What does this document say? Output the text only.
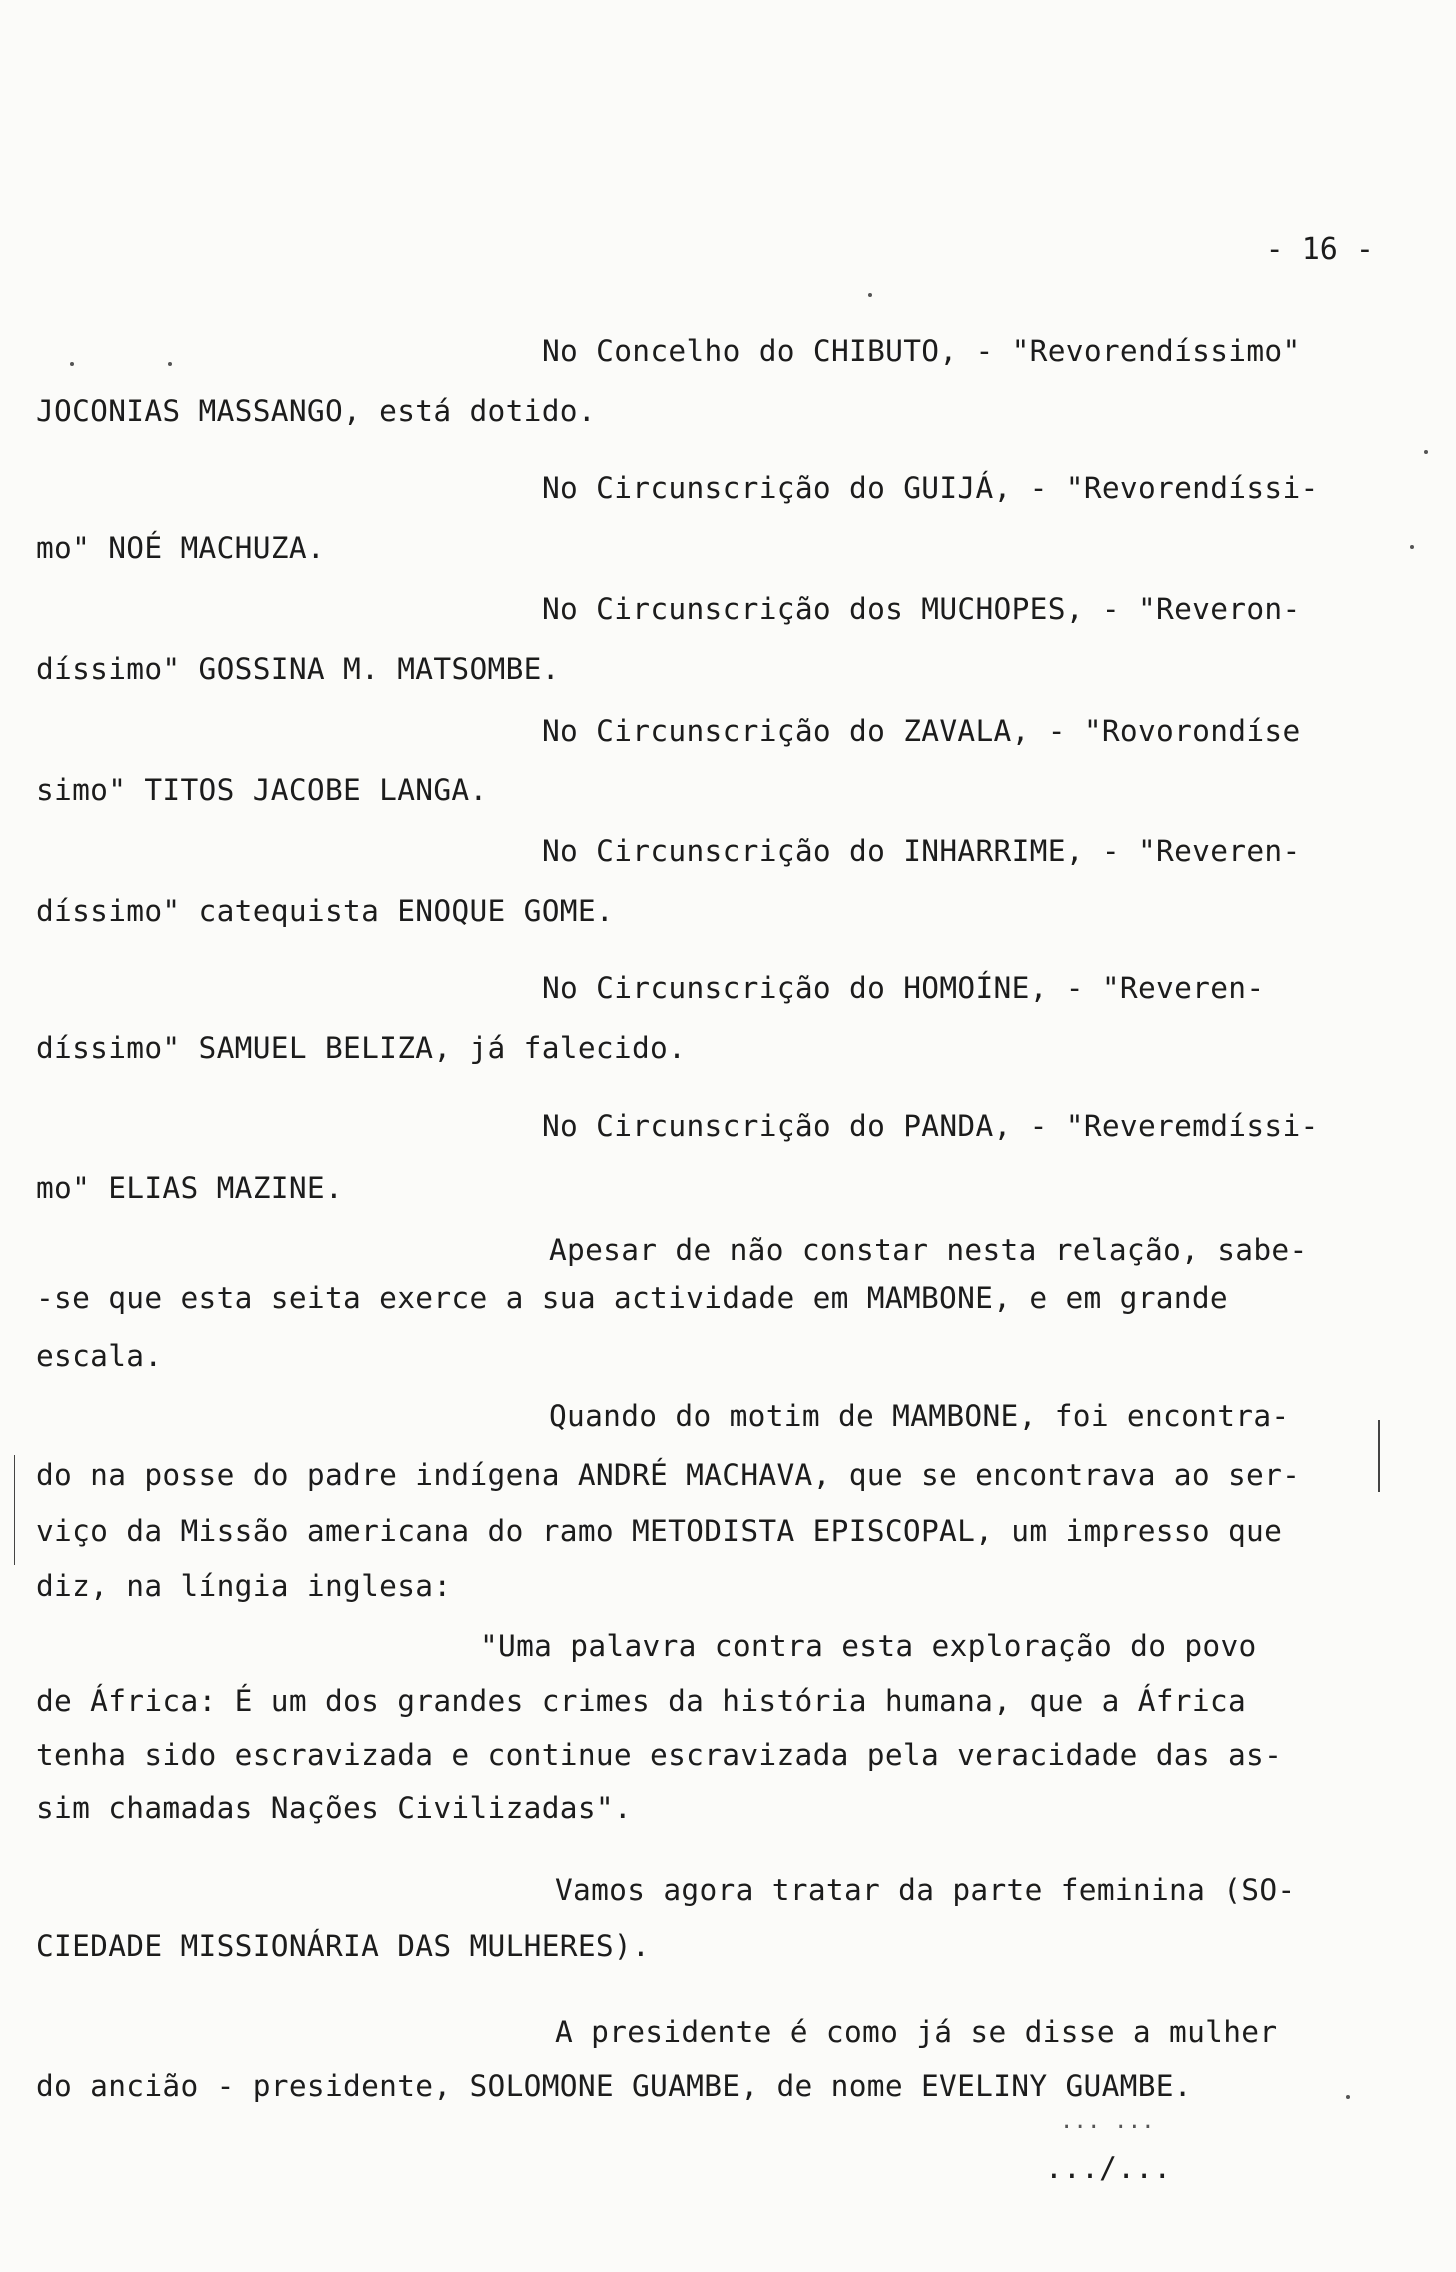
- 16 -
No Concelho do CHIBUTO, - "Revorendíssimo"
JOCONIAS MASSANGO, está dotido.
No Circunscrição do GUIJÁ, - "Revorendíssi-
mo" NOÉ MACHUZA.
No Circunscrição dos MUCHOPES, - "Reveron-
díssimo" GOSSINA M. MATSOMBE.
No Circunscrição do ZAVALA, - "Rovorondíse
simo" TITOS JACOBE LANGA.
No Circunscrição do INHARRIME, - "Reveren-
díssimo" catequista ENOQUE GOME.
No Circunscrição do HOMOÍNE, - "Reveren-
díssimo" SAMUEL BELIZA, já falecido.
No Circunscrição do PANDA, - "Reveremdíssi-
mo" ELIAS MAZINE.
Apesar de não constar nesta relação, sabe-
-se que esta seita exerce a sua actividade em MAMBONE, e em grande
escala.
Quando do motim de MAMBONE, foi encontra-
do na posse do padre indígena ANDRÉ MACHAVA, que se encontrava ao ser-
viço da Missão americana do ramo METODISTA EPISCOPAL, um impresso que
diz, na língia inglesa:
"Uma palavra contra esta exploração do povo
de África: É um dos grandes crimes da história humana, que a África
tenha sido escravizada e continue escravizada pela veracidade das as-
sim chamadas Nações Civilizadas".
Vamos agora tratar da parte feminina (SO-
CIEDADE MISSIONÁRIA DAS MULHERES).
A presidente é como já se disse a mulher
do ancião - presidente, SOLOMONE GUAMBE, de nome EVELINY GUAMBE.
... ...
.../...
